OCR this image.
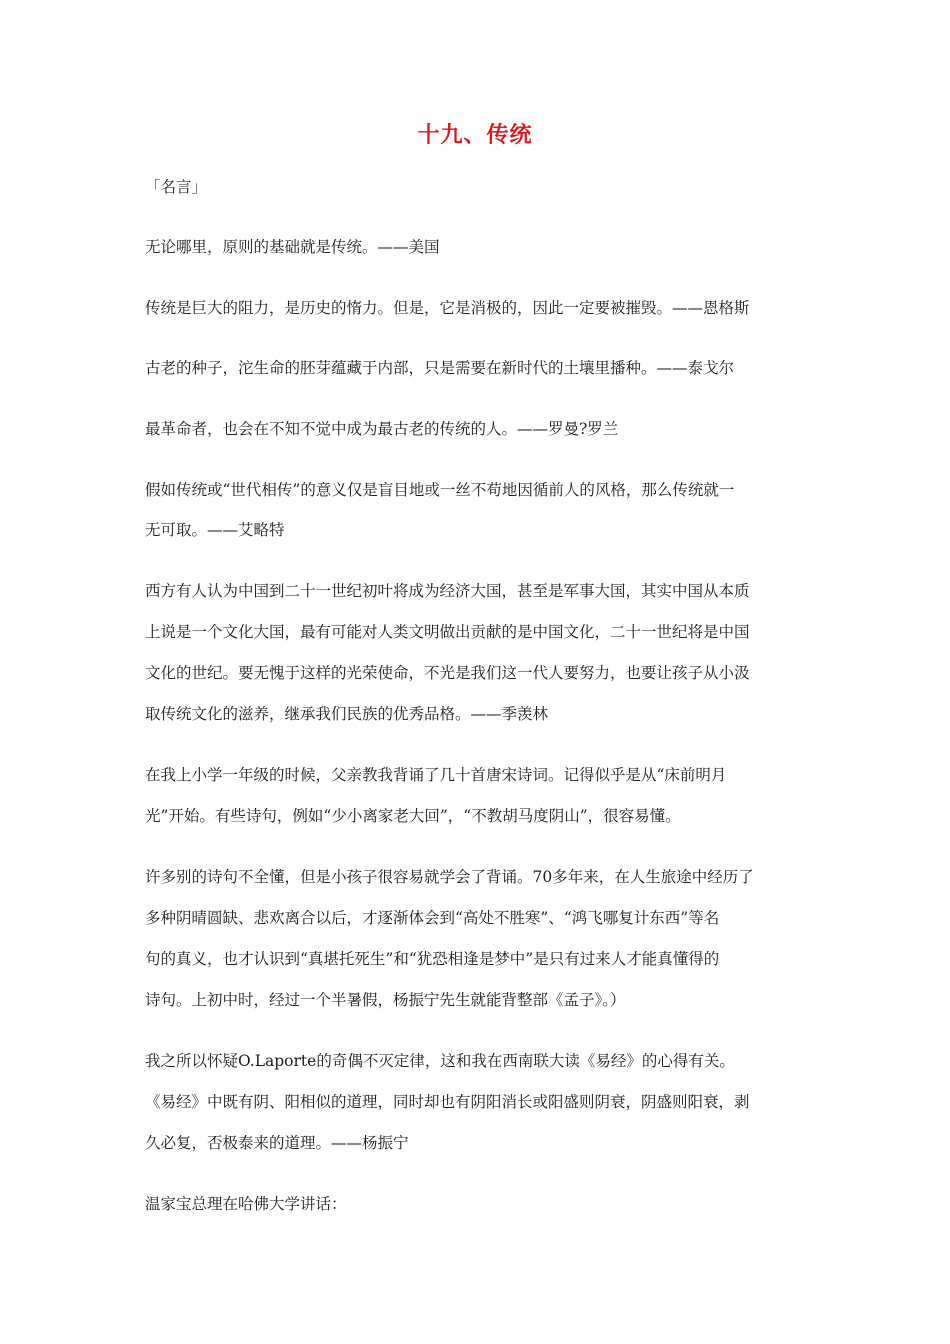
十九、传统
「名言」
无论哪里，原则的基础就是传统。——美国
传统是巨大的阻力，是历史的惰力。但是，它是消极的，因此一定要被摧毁。——恩格斯
古老的种子，沱生命的胚芽蕴藏于内部，只是需要在新时代的土壤里播种。——泰戈尔
最革命者，也会在不知不觉中成为最古老的传统的人。——罗曼?罗兰
假如传统或“世代相传”的意义仅是盲目地或一丝不苟地因循前人的风格，那么传统就一
无可取。——艾略特
西方有人认为中国到二十一世纪初叶将成为经济大国，甚至是军事大国，其实中国从本质
上说是一个文化大国，最有可能对人类文明做出贡献的是中国文化，二十一世纪将是中国
文化的世纪。要无愧于这样的光荣使命，不光是我们这一代人要努力，也要让孩子从小汲
取传统文化的滋养，继承我们民族的优秀品格。——季羡林
在我上小学一年级的时候，父亲教我背诵了几十首唐宋诗词。记得似乎是从“床前明月
光”开始。有些诗句，例如“少小离家老大回”，“不教胡马度阴山”，很容易懂。
许多别的诗句不全懂，但是小孩子很容易就学会了背诵。70多年来，在人生旅途中经历了
多种阴晴圆缺、悲欢离合以后，才逐渐体会到“高处不胜寒”、“鸿飞哪复计东西”等名
句的真义，也才认识到“真堪托死生”和“犹恐相逢是梦中”是只有过来人才能真懂得的
诗句。上初中时，经过一个半暑假，杨振宁先生就能背整部《孟子》。）
我之所以怀疑O.Laporte的奇偶不灭定律，这和我在西南联大读《易经》的心得有关。
《易经》中既有阴、阳相似的道理，同时却也有阴阳消长或阳盛则阴衰，阴盛则阳衰，剥
久必复，否极泰来的道理。——杨振宁
温家宝总理在哈佛大学讲话：
